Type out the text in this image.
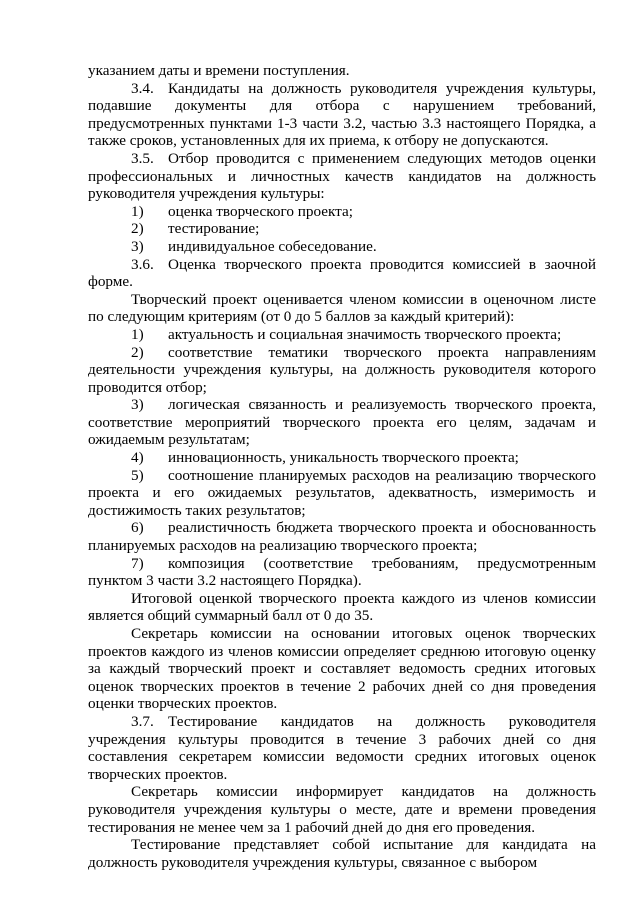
указанием даты и времени поступления.

3.4. Кандидаты на должность руководителя учреждения культуры, подавшие документы для отбора с нарушением требований, предусмотренных пунктами 1-3 части 3.2, частью 3.3 настоящего Порядка, а также сроков, установленных для их приема, к отбору не допускаются.

3.5. Отбор проводится с применением следующих методов оценки профессиональных и личностных качеств кандидатов на должность руководителя учреждения культуры:

1) оценка творческого проекта;

2) тестирование;

3) индивидуальное собеседование.

3.6. Оценка творческого проекта проводится комиссией в заочной форме.

Творческий проект оценивается членом комиссии в оценочном листе по следующим критериям (от 0 до 5 баллов за каждый критерий):

1) актуальность и социальная значимость творческого проекта;

2) соответствие тематики творческого проекта направлениям деятельности учреждения культуры, на должность руководителя которого проводится отбор;

3) логическая связанность и реализуемость творческого проекта, соответствие мероприятий творческого проекта его целям, задачам и ожидаемым результатам;

4) инновационность, уникальность творческого проекта;

5) соотношение планируемых расходов на реализацию творческого проекта и его ожидаемых результатов, адекватность, измеримость и достижимость таких результатов;

6) реалистичность бюджета творческого проекта и обоснованность планируемых расходов на реализацию творческого проекта;

7) композиция (соответствие требованиям, предусмотренным пунктом 3 части 3.2 настоящего Порядка).

Итоговой оценкой творческого проекта каждого из членов комиссии является общий суммарный балл от 0 до 35.

Секретарь комиссии на основании итоговых оценок творческих проектов каждого из членов комиссии определяет среднюю итоговую оценку за каждый творческий проект и составляет ведомость средних итоговых оценок творческих проектов в течение 2 рабочих дней со дня проведения оценки творческих проектов.

3.7. Тестирование кандидатов на должность руководителя учреждения культуры проводится в течение 3 рабочих дней со дня составления секретарем комиссии ведомости средних итоговых оценок творческих проектов.

Секретарь комиссии информирует кандидатов на должность руководителя учреждения культуры о месте, дате и времени проведения тестирования не менее чем за 1 рабочий дней до дня его проведения.

Тестирование представляет собой испытание для кандидата на должность руководителя учреждения культуры, связанное с выбором
